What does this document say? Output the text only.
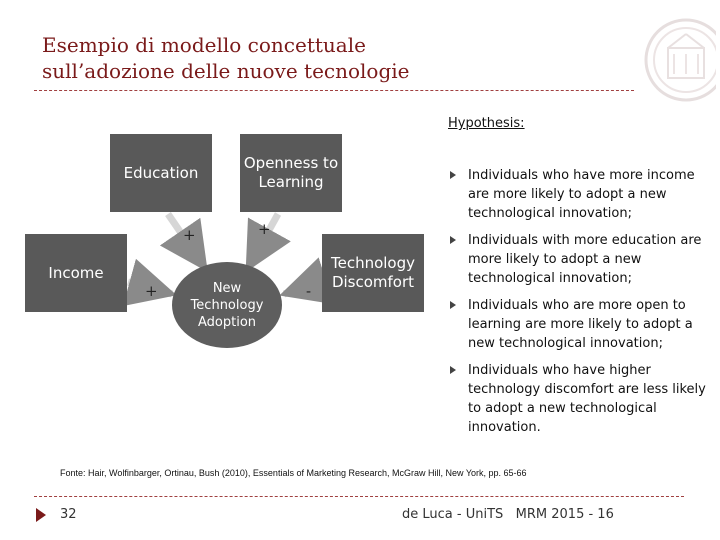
Esempio di modello concettuale
sull’adozione delle nuove tecnologie
Education
Openness to Learning
Income
Technology Discomfort
New Technology Adoption
+	+
+	-
Hypothesis:
Individuals who have more income are more likely to adopt a new technological innovation;
Individuals with more education are more likely to adopt a new technological innovation;
Individuals who are more open to learning are more likely to adopt a new technological innovation;
Individuals who have higher technology discomfort are less likely to adopt a new technological innovation.
Fonte: Hair, Wolfinbarger, Ortinau, Bush (2010), Essentials of Marketing Research, McGraw Hill, New York, pp. 65-66
32	de Luca - UniTS   MRM 2015 - 16
